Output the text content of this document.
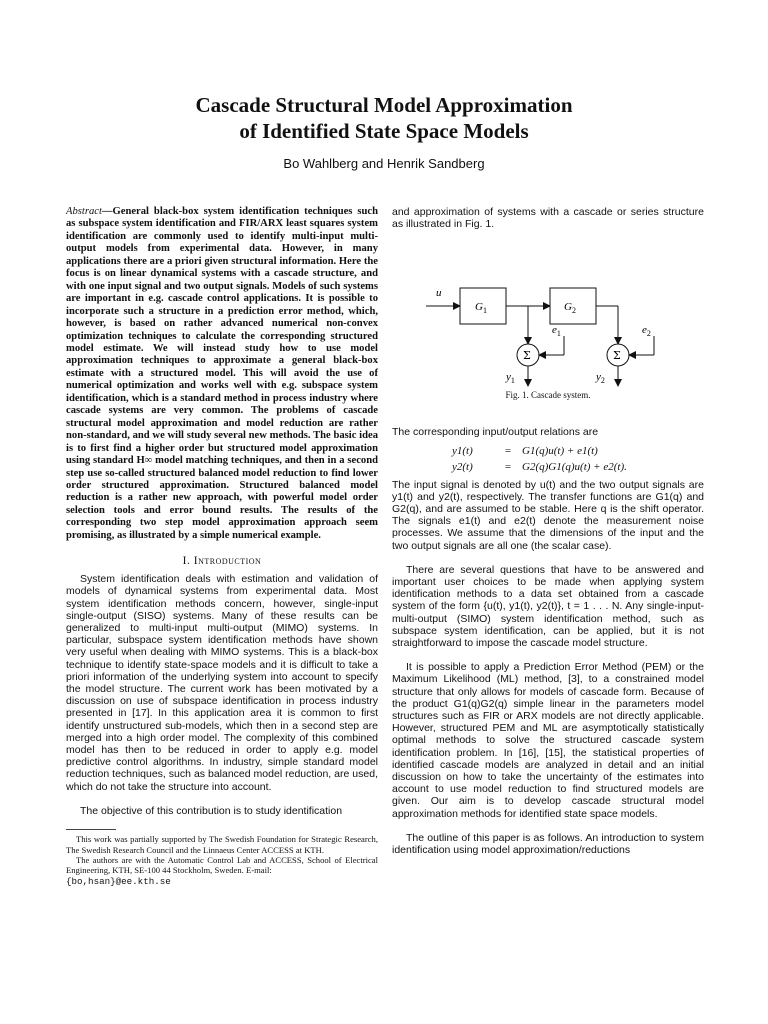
Cascade Structural Model Approximation
of Identified State Space Models
Bo Wahlberg and Henrik Sandberg
Abstract—General black-box system identification techniques such as subspace system identification and FIR/ARX least squares system identification are commonly used to identify multi-input multi-output models from experimental data. However, in many applications there are a priori given structural information. Here the focus is on linear dynamical systems with a cascade structure, and with one input signal and two output signals. Models of such systems are important in e.g. cascade control applications. It is possible to incorporate such a structure in a prediction error method, which, however, is based on rather advanced numerical non-convex optimization techniques to calculate the corresponding structured model estimate. We will instead study how to use model approximation techniques to approximate a general black-box estimate with a structured model. This will avoid the use of numerical optimization and works well with e.g. subspace system identification, which is a standard method in process industry where cascade systems are very common. The problems of cascade structural model approximation and model reduction are rather non-standard, and we will study several new methods. The basic idea is to first find a higher order but structured model approximation using standard H∞ model matching techniques, and then in a second step use so-called structured balanced model reduction to find lower order structured approximation. Structured balanced model reduction is a rather new approach, with powerful model order selection tools and error bound results. The results of the corresponding two step model approximation approach seem promising, as illustrated by a simple numerical example.
I. Introduction

System identification deals with estimation and validation of models of dynamical systems from experimental data. Most system identification methods concern, however, single-input single-output (SISO) systems. Many of these results can be generalized to multi-input multi-output (MIMO) systems. In particular, subspace system identification methods have shown very useful when dealing with MIMO systems. This is a black-box technique to identify state-space models and it is difficult to take a priori information of the underlying system into account to specify the model structure. The current work has been motivated by a discussion on use of subspace identification in process industry presented in [17]. In this application area it is common to first identify unstructured sub-models, which then in a second step are merged into a high order model. The complexity of this combined model has then to be reduced in order to apply e.g. model predictive control algorithms. In industry, simple standard model reduction techniques, such as balanced model reduction, are used, which do not take the structure into account.

The objective of this contribution is to study identification

This work was partially supported by The Swedish Foundation for Strategic Research, The Swedish Research Council and the Linnaeus Center ACCESS at KTH.

The authors are with the Automatic Control Lab and ACCESS, School of Electrical Engineering, KTH, SE-100 44 Stockholm, Sweden. E-mail:

{bo,hsan}@ee.kth.se

and approximation of systems with a cascade or series structure as illustrated in Fig. 1.

u
$G_1$	$G_2$
Σ	Σ
$e_1$	$e_2$
$y_1$	$y_2$
Fig. 1. Cascade system.

The corresponding input/output relations are

y1(t)	= G1(q)u(t) + e1(t)
y2(t)	= G2(q)G1(q)u(t) + e2(t).

The input signal is denoted by u(t) and the two output signals are y1(t) and y2(t), respectively. The transfer functions are G1(q) and G2(q), and are assumed to be stable. Here q is the shift operator. The signals e1(t) and e2(t) denote the measurement noise processes. We assume that the dimensions of the input and the two output signals are all one (the scalar case).

There are several questions that have to be answered and important user choices to be made when applying system identification methods to a data set obtained from a cascade system of the form {u(t), y1(t), y2(t)}, t = 1 . . . N. Any single-input-multi-output (SIMO) system identification method, such as subspace system identification, can be applied, but it is not straightforward to impose the cascade model structure.

It is possible to apply a Prediction Error Method (PEM) or the Maximum Likelihood (ML) method, [3], to a constrained model structure that only allows for models of cascade form. Because of the product G1(q)G2(q) simple linear in the parameters model structures such as FIR or ARX models are not directly applicable. However, structured PEM and ML are asymptotically statistically optimal methods to solve the structured cascade system identification problem. In [16], [15], the statistical properties of identified cascade models are analyzed in detail and an initial discussion on how to take the uncertainty of the estimates into account to use model reduction to find structured models are given. Our aim is to develop cascade structural model approximation methods for identified state space models.

The outline of this paper is as follows. An introduction to system identification using model approximation/reductions
